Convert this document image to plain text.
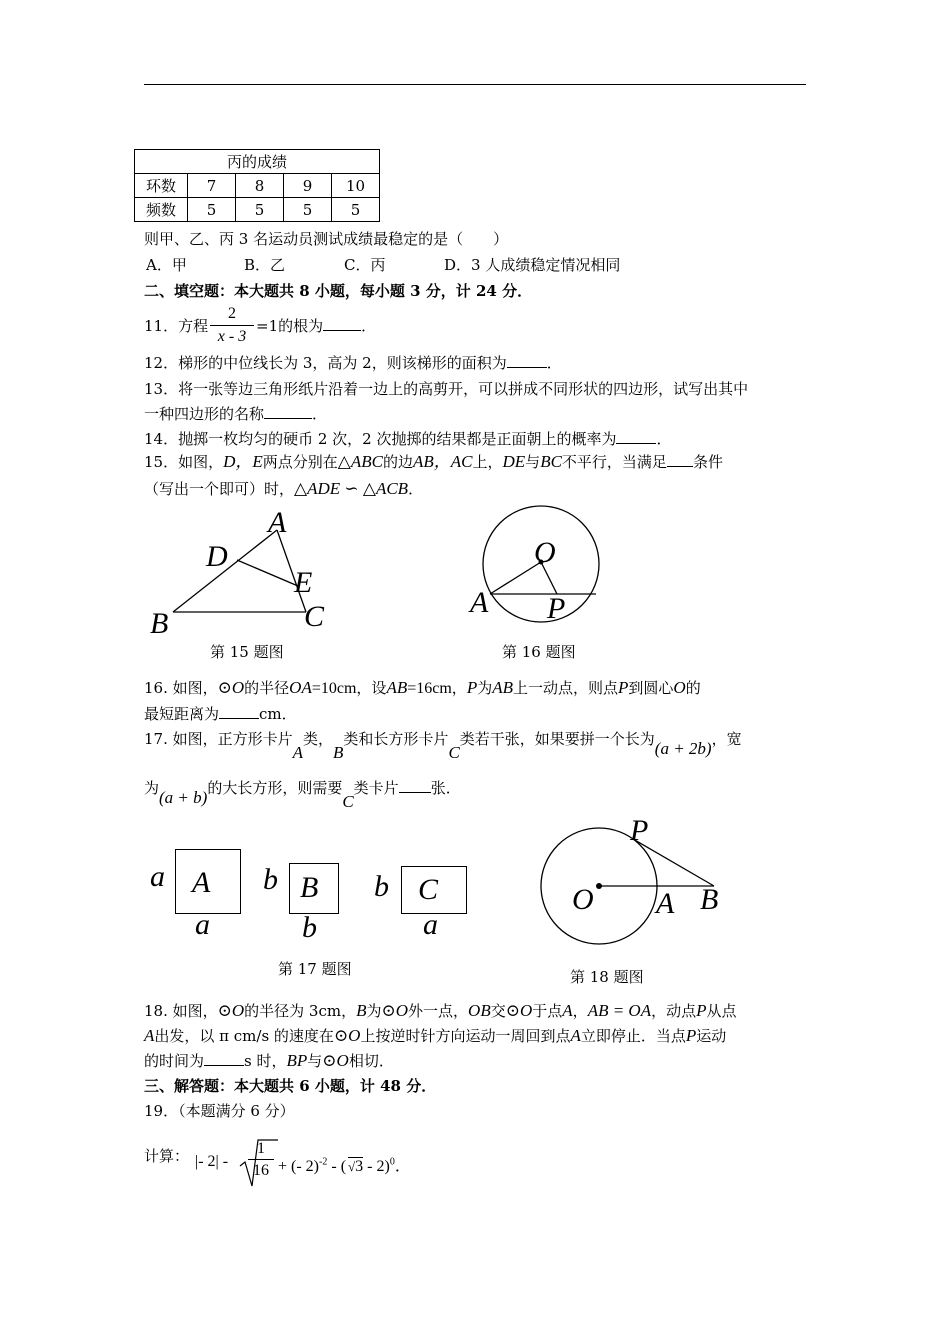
丙的成绩				
环数	7	8	9	10
频数	5	5	5	5
则甲、乙、丙 3 名运动员测试成绩最稳定的是（　　）
A．甲	B．乙	C．丙	D．3 人成绩稳定情况相同
二、填空题：本大题共 8 小题，每小题 3 分，计 24 分．
11．方程 $\frac{2}{x - 3} =1$的根为	．
12．梯形的中位线长为 3，高为 2，则该梯形的面积为	．
13．将一张等边三角形纸片沿着一边上的高剪开，可以拼成不同形状的四边形，试写出其中
一种四边形的名称	．
14．抛掷一枚均匀的硬币 2 次，2 次抛掷的结果都是正面朝上的概率为	．
15．如图，D，E两点分别在△ABC的边AB，AC上，DE与BC不平行，当满足 条件
（写出一个即可）时，△ADE ∽ △ACB．
A
D
E
B	C
第 15 题图
O
A P
第 16 题图
16. 如图，⊙O的半径OA=10cm，设AB=16cm，P为AB上一动点，则点P到圆心O的
最短距离为	cm．
17. 如图，正方形卡片A类，B类和长方形卡片C类若干张，如果要拼一个长为(a + 2b)，宽
为(a + b)的大长方形，则需要C类卡片 张．
a A
a
b B
b
b C
a
第 17 题图
P
O A B
第 18 题图
18. 如图，⊙O的半径为 3cm，B为⊙O外一点，OB交⊙O于点A，AB = OA，动点P从点
A出发，以 π cm/s 的速度在⊙O上按逆时针方向运动一周回到点A立即停止．当点P运动
的时间为	s 时，BP与⊙O相切．
三、解答题：本大题共 6 小题，计 48 分．
19．（本题满分 6 分）
计算： |- $2| - \frac{1}{16}$ + (- 2)$^{-2}$ - ( √3 - 2)$^0$．
